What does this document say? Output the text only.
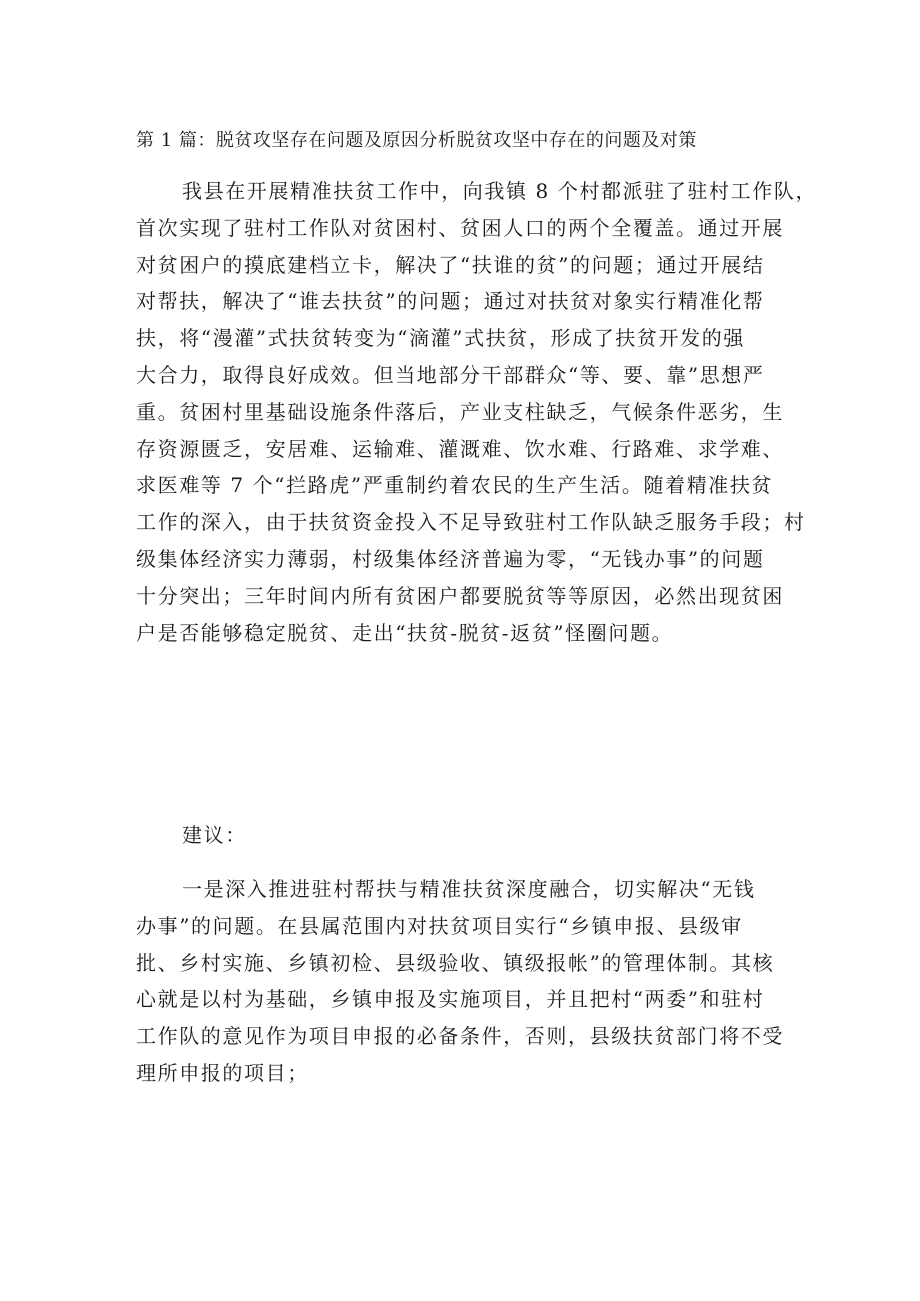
第 1 篇：脱贫攻坚存在问题及原因分析脱贫攻坚中存在的问题及对策
我县在开展精准扶贫工作中，向我镇 8 个村都派驻了驻村工作队，
首次实现了驻村工作队对贫困村、贫困人口的两个全覆盖。通过开展
对贫困户的摸底建档立卡，解决了“扶谁的贫”的问题；通过开展结
对帮扶，解决了“谁去扶贫”的问题；通过对扶贫对象实行精准化帮
扶，将“漫灌”式扶贫转变为“滴灌”式扶贫，形成了扶贫开发的强
大合力，取得良好成效。但当地部分干部群众“等、要、靠”思想严
重。贫困村里基础设施条件落后，产业支柱缺乏，气候条件恶劣，生
存资源匮乏，安居难、运输难、灌溉难、饮水难、行路难、求学难、
求医难等 7 个“拦路虎”严重制约着农民的生产生活。随着精准扶贫
工作的深入，由于扶贫资金投入不足导致驻村工作队缺乏服务手段；村
级集体经济实力薄弱，村级集体经济普遍为零，“无钱办事”的问题
十分突出；三年时间内所有贫困户都要脱贫等等原因，必然出现贫困
户是否能够稳定脱贫、走出“扶贫-脱贫-返贫”怪圈问题。
建议：
一是深入推进驻村帮扶与精准扶贫深度融合，切实解决“无钱
办事”的问题。在县属范围内对扶贫项目实行“乡镇申报、县级审
批、乡村实施、乡镇初检、县级验收、镇级报帐”的管理体制。其核
心就是以村为基础，乡镇申报及实施项目，并且把村“两委”和驻村
工作队的意见作为项目申报的必备条件，否则，县级扶贫部门将不受
理所申报的项目；
